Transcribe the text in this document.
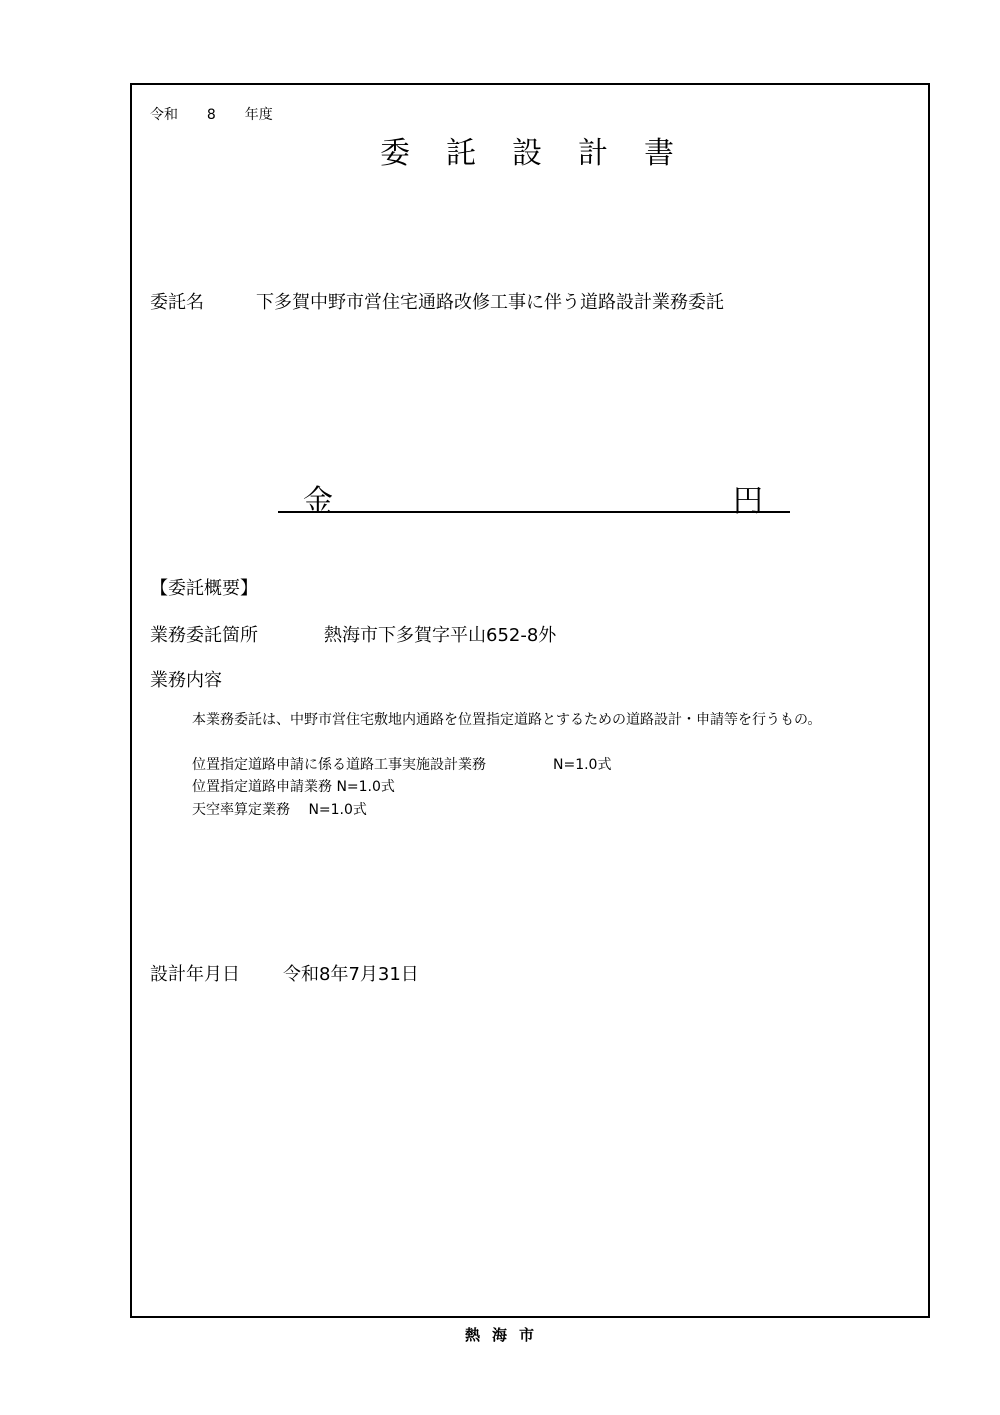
令和 8 年度
委託設計書
委託名	下多賀中野市営住宅通路改修工事に伴う道路設計業務委託
金	円
【委託概要】
業務委託箇所	熱海市下多賀字平山652-8外
業務内容
本業務委託は、中野市営住宅敷地内通路を位置指定道路とするための道路設計・申請等を行うもの。
位置指定道路申請に係る道路工事実施設計業務	N=1.0式
位置指定道路申請業務 N=1.0式
天空率算定業務　 N=1.0式
設計年月日 令和8年7月31日
熱海市
